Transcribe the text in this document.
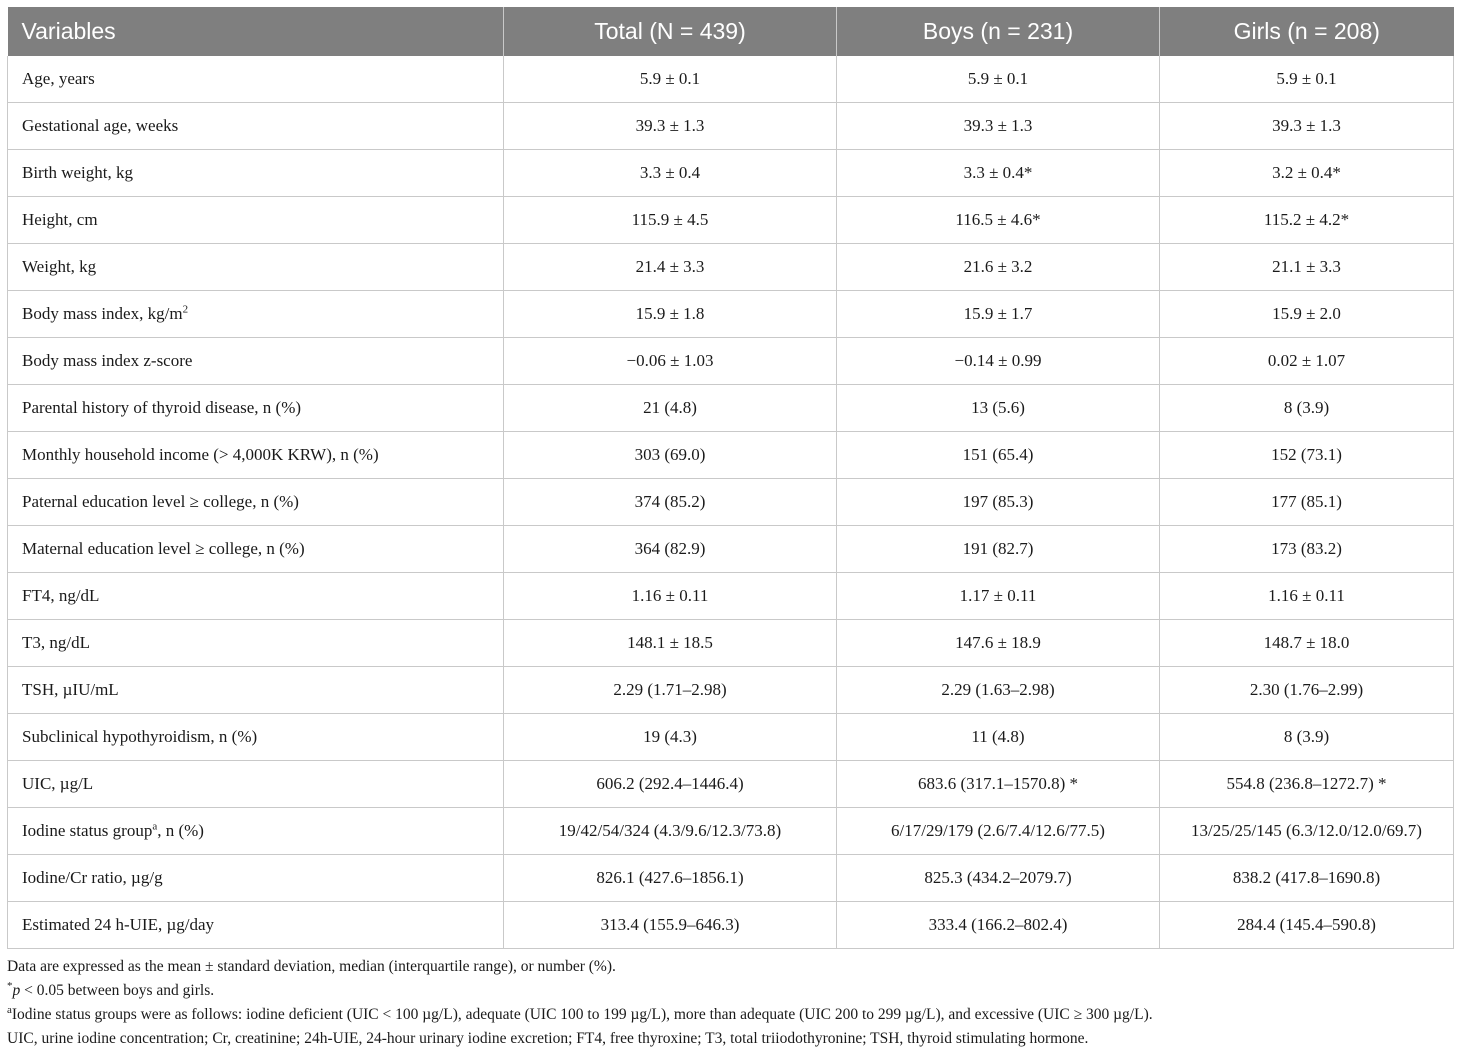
Variables	Total (N = 439)	Boys (n = 231)	Girls (n = 208)
Age, years	5.9 ± 0.1	5.9 ± 0.1	5.9 ± 0.1
Gestational age, weeks	39.3 ± 1.3	39.3 ± 1.3	39.3 ± 1.3
Birth weight, kg	3.3 ± 0.4	3.3 ± 0.4*	3.2 ± 0.4*
Height, cm	115.9 ± 4.5	116.5 ± 4.6*	115.2 ± 4.2*
Weight, kg	21.4 ± 3.3	21.6 ± 3.2	21.1 ± 3.3
Body mass index, $kg/m^2$	15.9 ± 1.8	15.9 ± 1.7	15.9 ± 2.0
Body mass index z-score	−0.06 ± 1.03	−0.14 ± 0.99	0.02 ± 1.07
Parental history of thyroid disease, n (%)	21 (4.8)	13 (5.6)	8 (3.9)
Monthly household income (> 4,000K KRW), n (%)	303 (69.0)	151 (65.4)	152 (73.1)
Paternal education level ≥ college, n (%)	374 (85.2)	197 (85.3)	177 (85.1)
Maternal education level ≥ college, n (%)	364 (82.9)	191 (82.7)	173 (83.2)
FT4, ng/dL	1.16 ± 0.11	1.17 ± 0.11	1.16 ± 0.11
T3, ng/dL	148.1 ± 18.5	147.6 ± 18.9	148.7 ± 18.0
TSH, µIU/mL	2.29 (1.71–2.98)	2.29 (1.63–2.98)	2.30 (1.76–2.99)
Subclinical hypothyroidism, n (%)	19 (4.3)	11 (4.8)	8 (3.9)
UIC, µg/L	606.2 (292.4–1446.4)	683.6 (317.1–1570.8) *	554.8 (236.8–1272.7) *
Iodine status group$^a$, n (%)	19/42/54/324 (4.3/9.6/12.3/73.8)	6/17/29/179 (2.6/7.4/12.6/77.5)	13/25/25/145 (6.3/12.0/12.0/69.7)
Iodine/Cr ratio, µg/g	826.1 (427.6–1856.1)	825.3 (434.2–2079.7)	838.2 (417.8–1690.8)
Estimated 24 h-UIE, µg/day	313.4 (155.9–646.3)	333.4 (166.2–802.4)	284.4 (145.4–590.8)

Data are expressed as the mean ± standard deviation, median (interquartile range), or number (%).

*p < 0.05 between boys and girls.

$^a$Iodine status groups were as follows: iodine deficient (UIC < 100 µg/L), adequate (UIC 100 to 199 µg/L), more than adequate (UIC 200 to 299 µg/L), and excessive (UIC ≥ 300 µg/L).

UIC, urine iodine concentration; Cr, creatinine; 24h-UIE, 24-hour urinary iodine excretion; FT4, free thyroxine; T3, total triiodothyronine; TSH, thyroid stimulating hormone.
